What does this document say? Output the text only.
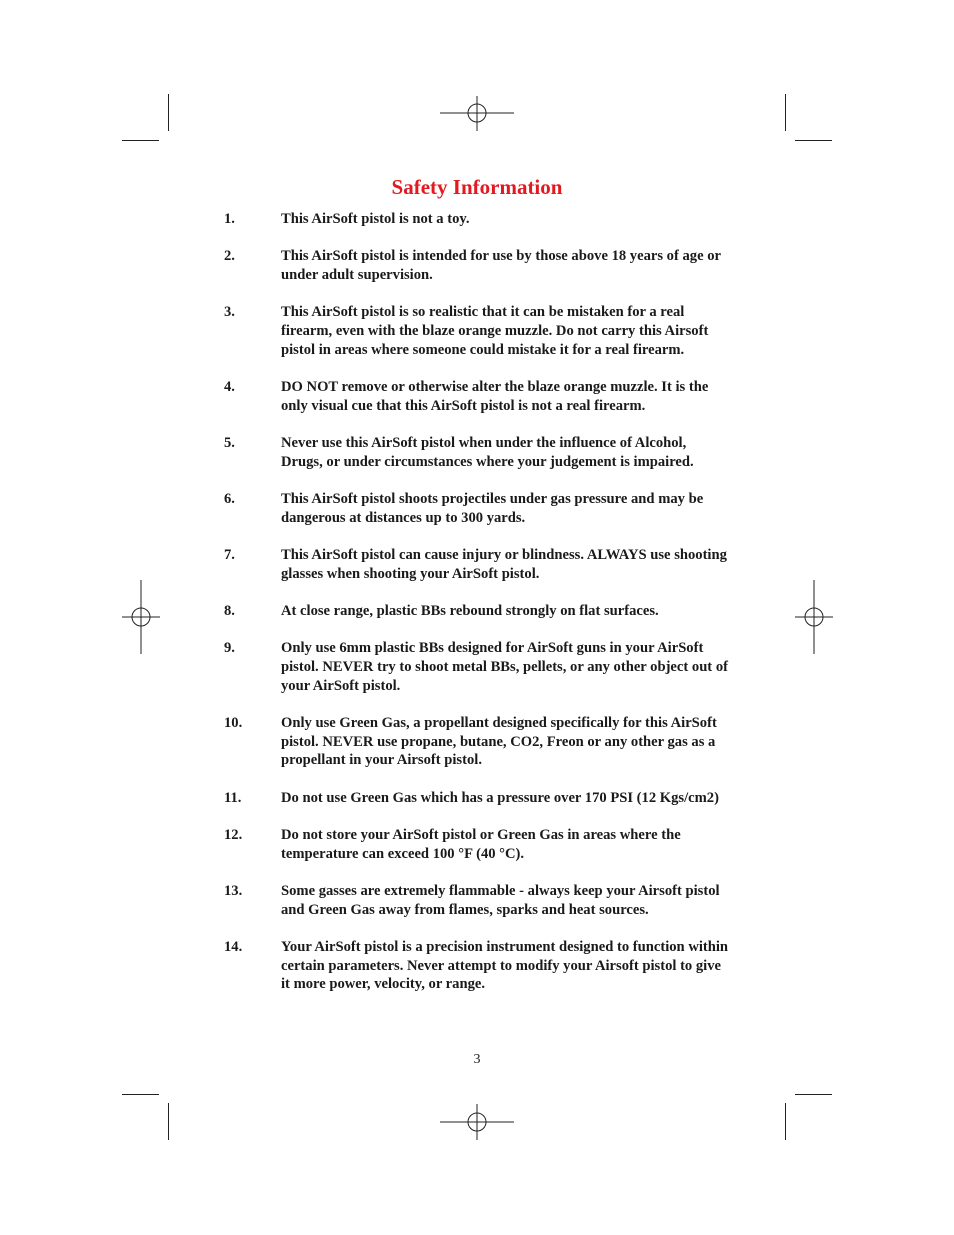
Safety Information
1.	This AirSoft pistol is not a toy.
2.	This AirSoft pistol is intended for use by those above 18 years of age or under adult supervision.
3.	This AirSoft pistol is so realistic that it can be mistaken for a real firearm, even with the blaze orange muzzle. Do not carry this Airsoft pistol in areas where someone could mistake it for a real firearm.
4.	DO NOT remove or otherwise alter the blaze orange muzzle. It is the only visual cue that this AirSoft pistol is not a real firearm.
5.	Never use this AirSoft pistol when under the influence of Alcohol, Drugs, or under circumstances where your judgement is impaired.
6.	This AirSoft pistol shoots projectiles under gas pressure and may be dangerous at distances up to 300 yards.
7.	This AirSoft pistol can cause injury or blindness. ALWAYS use shooting glasses when shooting your AirSoft pistol.
8.	At close range, plastic BBs rebound strongly on flat surfaces.
9.	Only use 6mm plastic BBs designed for AirSoft guns in your AirSoft pistol. NEVER try to shoot metal BBs, pellets, or any other object out of your AirSoft pistol.
10.	Only use Green Gas, a propellant designed specifically for this AirSoft pistol. NEVER use propane, butane, CO2, Freon or any other gas as a propellant in your Airsoft pistol.
11.	Do not use Green Gas which has a pressure over 170 PSI (12 Kgs/cm2)
12.	Do not store your AirSoft pistol or Green Gas in areas where the temperature can exceed 100 °F (40 °C).
13.	Some gasses are extremely flammable - always keep your Airsoft pistol and Green Gas away from flames, sparks and heat sources.
14.	Your AirSoft pistol is a precision instrument designed to function within certain parameters. Never attempt to modify your Airsoft pistol to give it more power, velocity, or range.
3
